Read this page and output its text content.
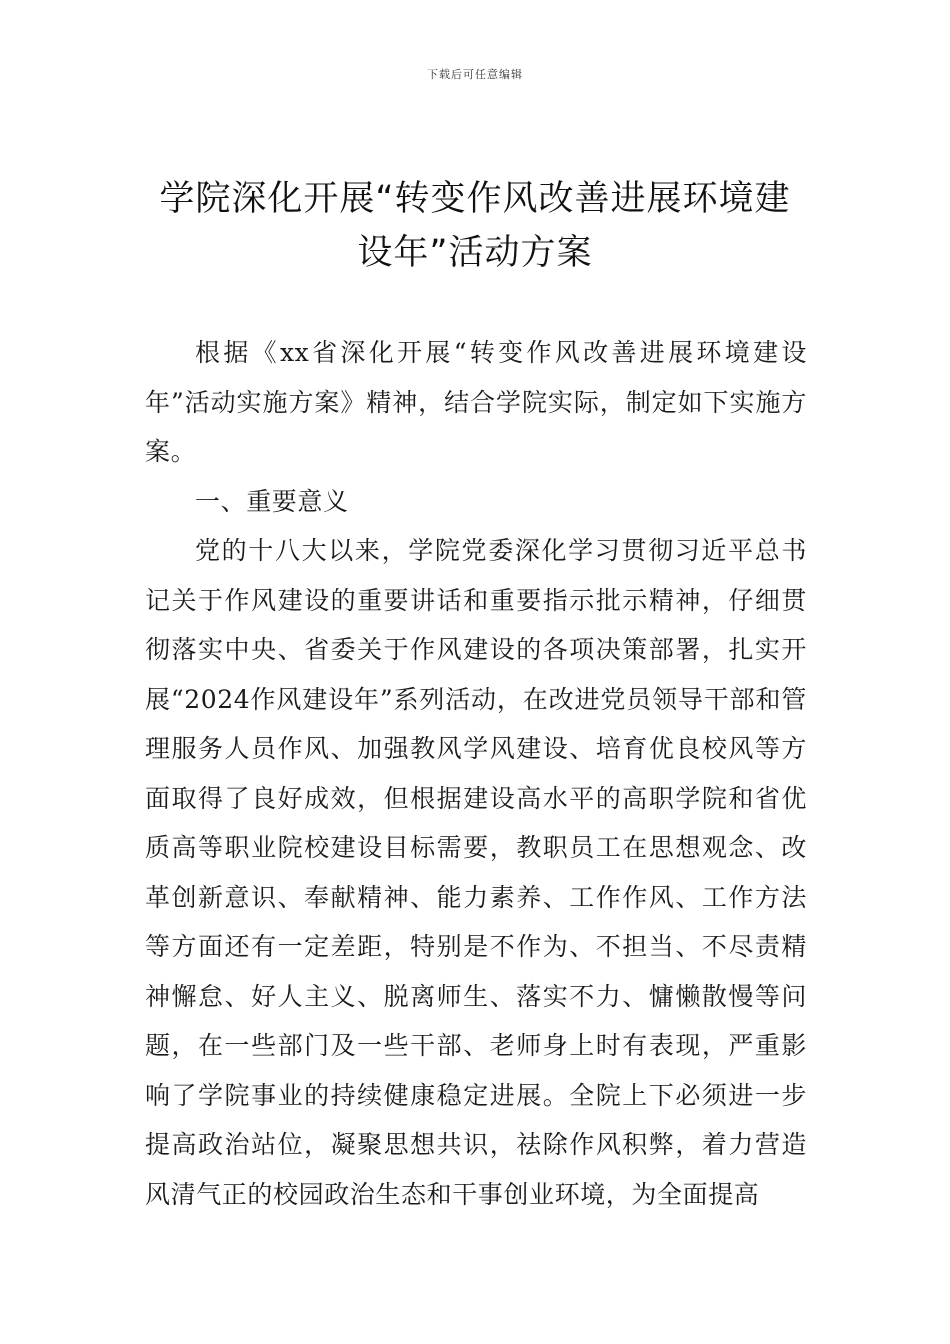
下载后可任意编辑
学院深化开展“转变作风改善进展环境建设年”活动方案

根据《xx省深化开展“转变作风改善进展环境建设年”活动实施方案》精神，结合学院实际，制定如下实施方案。

一、重要意义

党的十八大以来，学院党委深化学习贯彻习近平总书记关于作风建设的重要讲话和重要指示批示精神，仔细贯彻落实中央、省委关于作风建设的各项决策部署，扎实开展“2024作风建设年”系列活动，在改进党员领导干部和管理服务人员作风、加强教风学风建设、培育优良校风等方面取得了良好成效，但根据建设高水平的高职学院和省优质高等职业院校建设目标需要，教职员工在思想观念、改革创新意识、奉献精神、能力素养、工作作风、工作方法等方面还有一定差距，特别是不作为、不担当、不尽责精神懈怠、好人主义、脱离师生、落实不力、慵懒散慢等问题，在一些部门及一些干部、老师身上时有表现，严重影响了学院事业的持续健康稳定进展。全院上下必须进一步提高政治站位，凝聚思想共识，祛除作风积弊，着力营造风清气正的校园政治生态和干事创业环境，为全面提高
